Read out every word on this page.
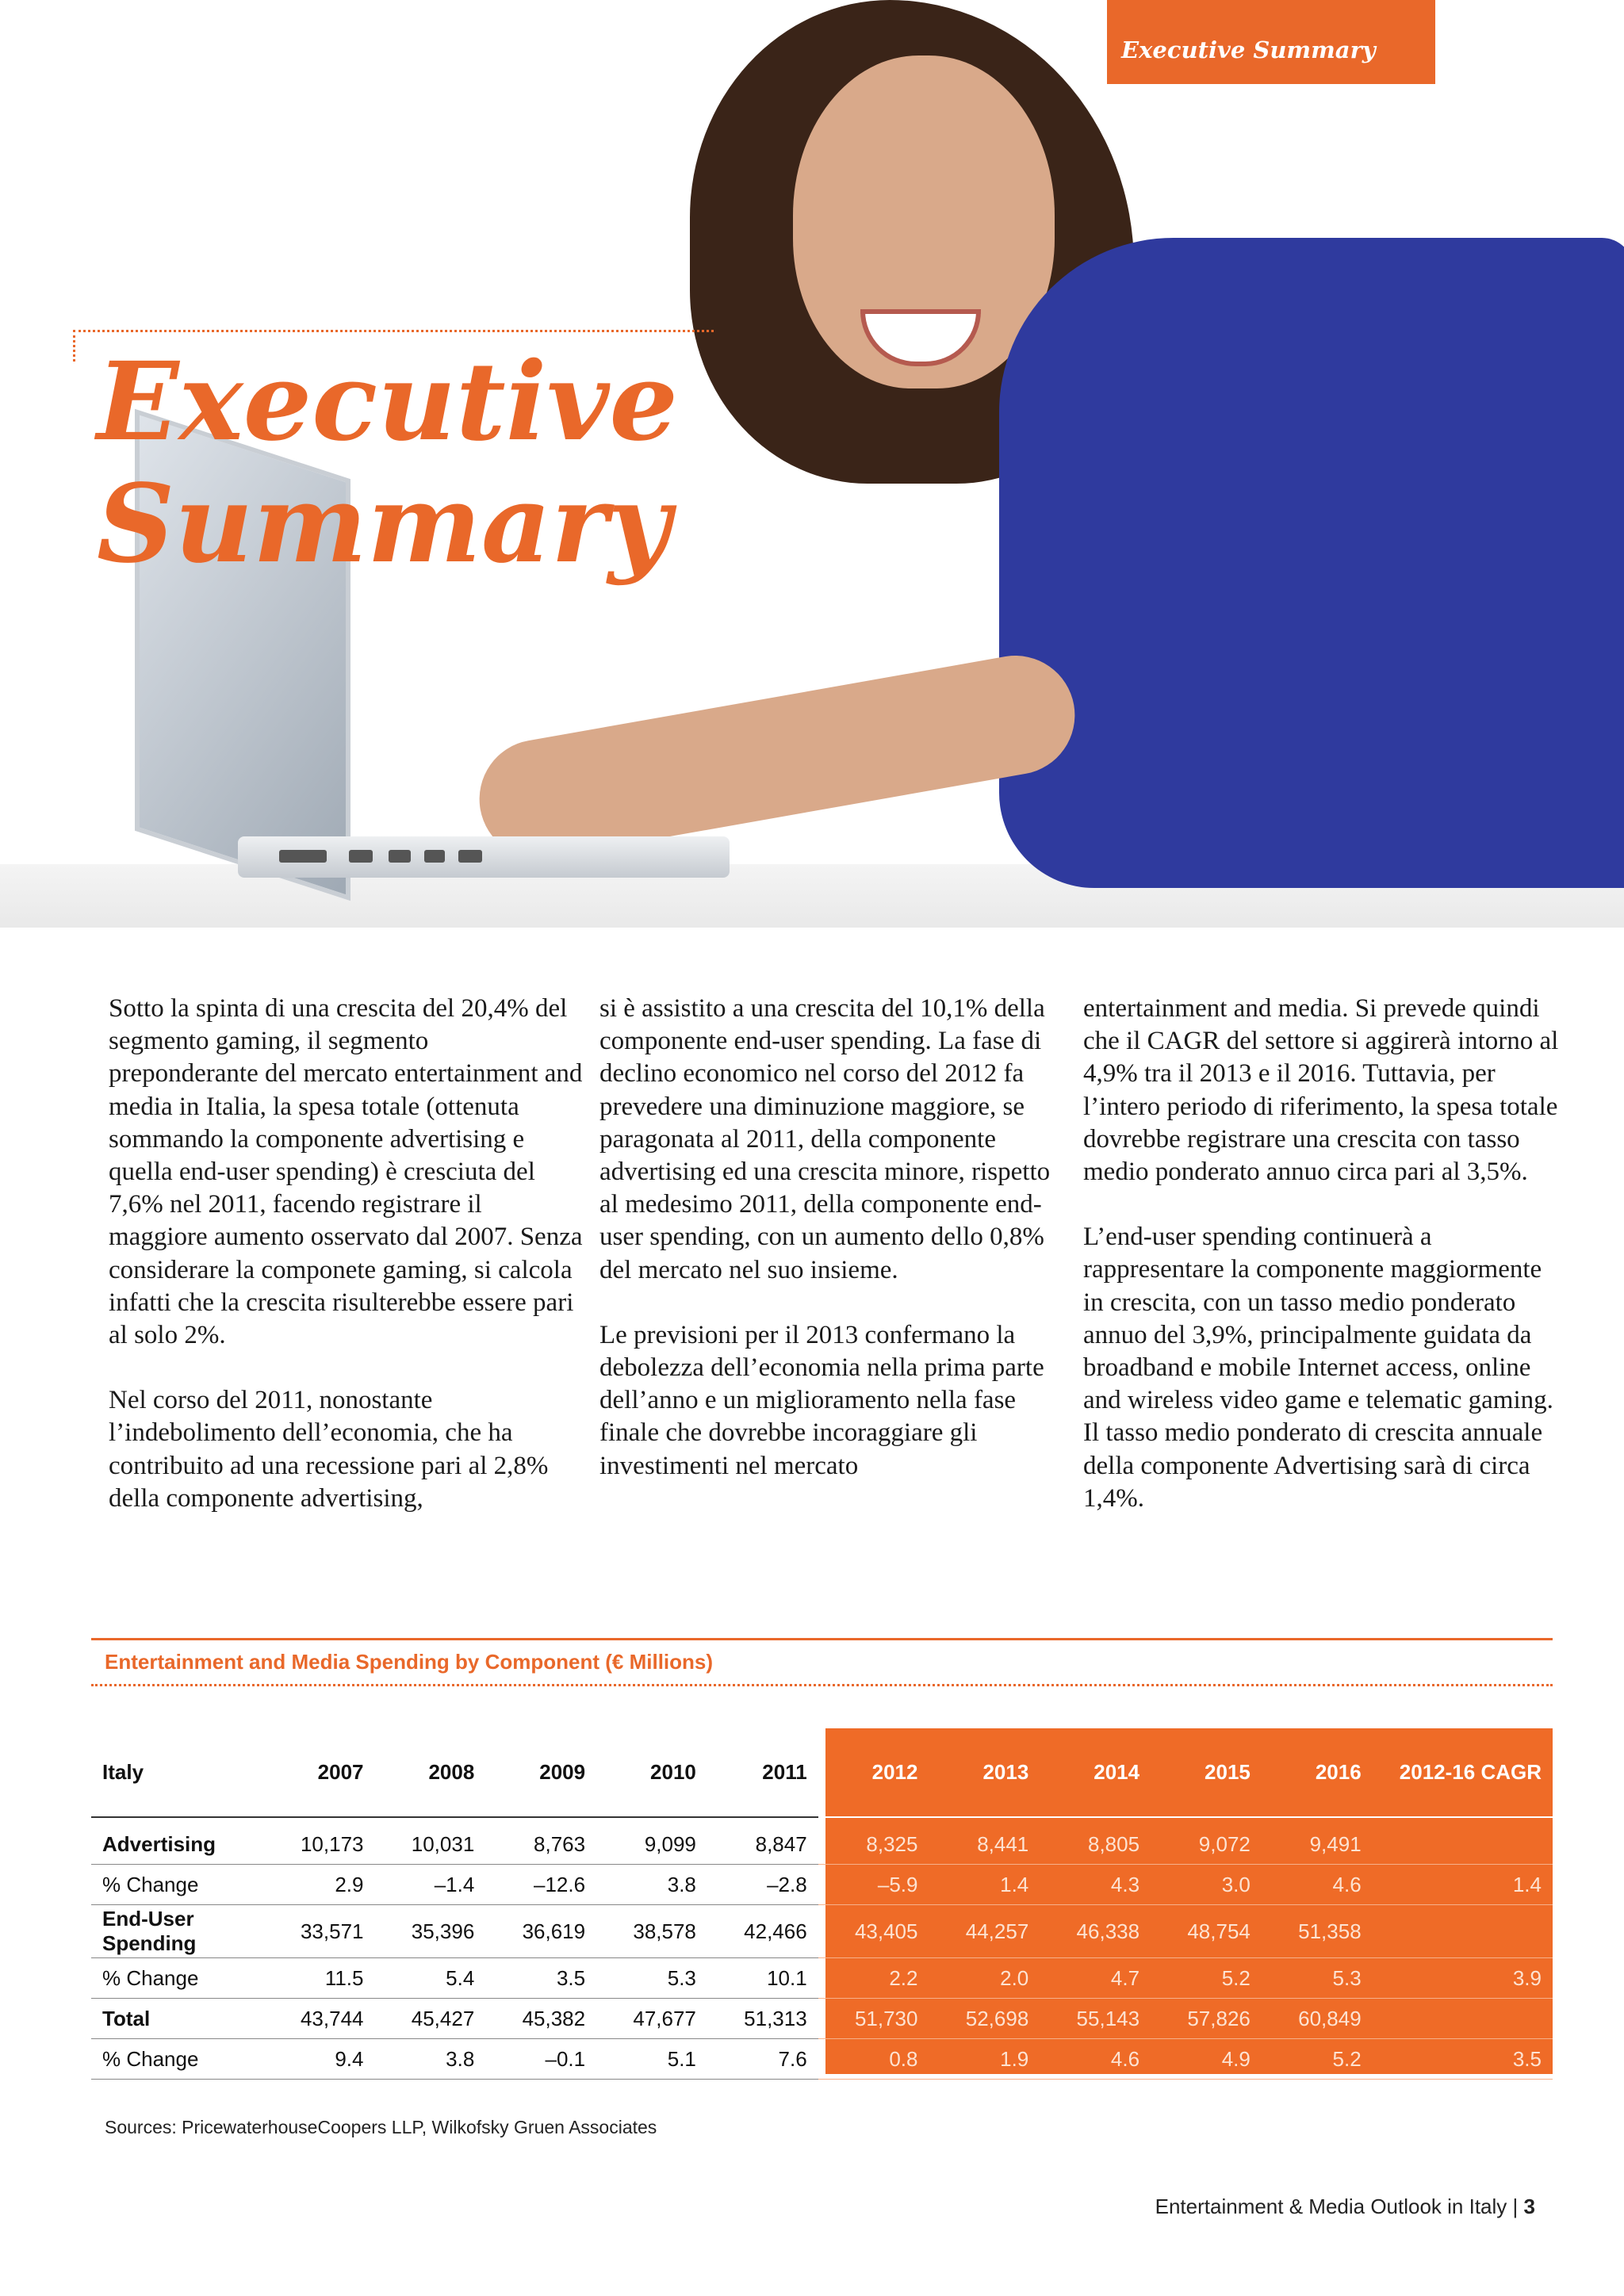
Executive Summary
Executive
Summary

Sotto la spinta di una crescita del 20,4% del segmento gaming, il segmento preponderante del mercato entertainment and media in Italia, la spesa totale (ottenuta sommando la componente advertising e quella end-user spending) è cresciuta del 7,6% nel 2011, facendo registrare il maggiore aumento osservato dal 2007. Senza considerare la componete gaming, si calcola infatti che la crescita risulterebbe essere pari al solo 2%.

Nel corso del 2011, nonostante l’indebolimento dell’economia, che ha contribuito ad una recessione pari al 2,8% della componente advertising,

si è assistito a una crescita del 10,1% della componente end-user spending. La fase di declino economico nel corso del 2012 fa prevedere una diminuzione maggiore, se paragonata al 2011, della componente advertising ed una crescita minore, rispetto al medesimo 2011, della componente end-user spending, con un aumento dello 0,8% del mercato nel suo insieme.

Le previsioni per il 2013 confermano la debolezza dell’economia nella prima parte dell’anno e un miglioramento nella fase finale che dovrebbe incoraggiare gli investimenti nel mercato

entertainment and media. Si prevede quindi che il CAGR del settore si aggirerà intorno al 4,9% tra il 2013 e il 2016. Tuttavia, per l’intero periodo di riferimento, la spesa totale dovrebbe registrare una crescita con tasso medio ponderato annuo circa pari al 3,5%.

L’end-user spending continuerà a rappresentare la componente maggiormente in crescita, con un tasso medio ponderato annuo del 3,9%, principalmente guidata da broadband e mobile Internet access, online and wireless video game e telematic gaming. Il tasso medio ponderato di crescita annuale della componente Advertising sarà di circa 1,4%.

Entertainment and Media Spending by Component (€ Millions)
Italy	2007	2008	2009	2010	2011	2012	2013	2014	2015	2016	2012-16 CAGR
Advertising	10,173	10,031	8,763	9,099	8,847	8,325	8,441	8,805	9,072	9,491	
% Change	2.9	–1.4	–12.6	3.8	–2.8	–5.9	1.4	4.3	3.0	4.6	1.4
End-User Spending	33,571	35,396	36,619	38,578	42,466	43,405	44,257	46,338	48,754	51,358	
% Change	11.5	5.4	3.5	5.3	10.1	2.2	2.0	4.7	5.2	5.3	3.9
Total	43,744	45,427	45,382	47,677	51,313	51,730	52,698	55,143	57,826	60,849	
% Change	9.4	3.8	–0.1	5.1	7.6	0.8	1.9	4.6	4.9	5.2	3.5
Sources: PricewaterhouseCoopers LLP, Wilkofsky Gruen Associates
Entertainment & Media Outlook in Italy | 3
